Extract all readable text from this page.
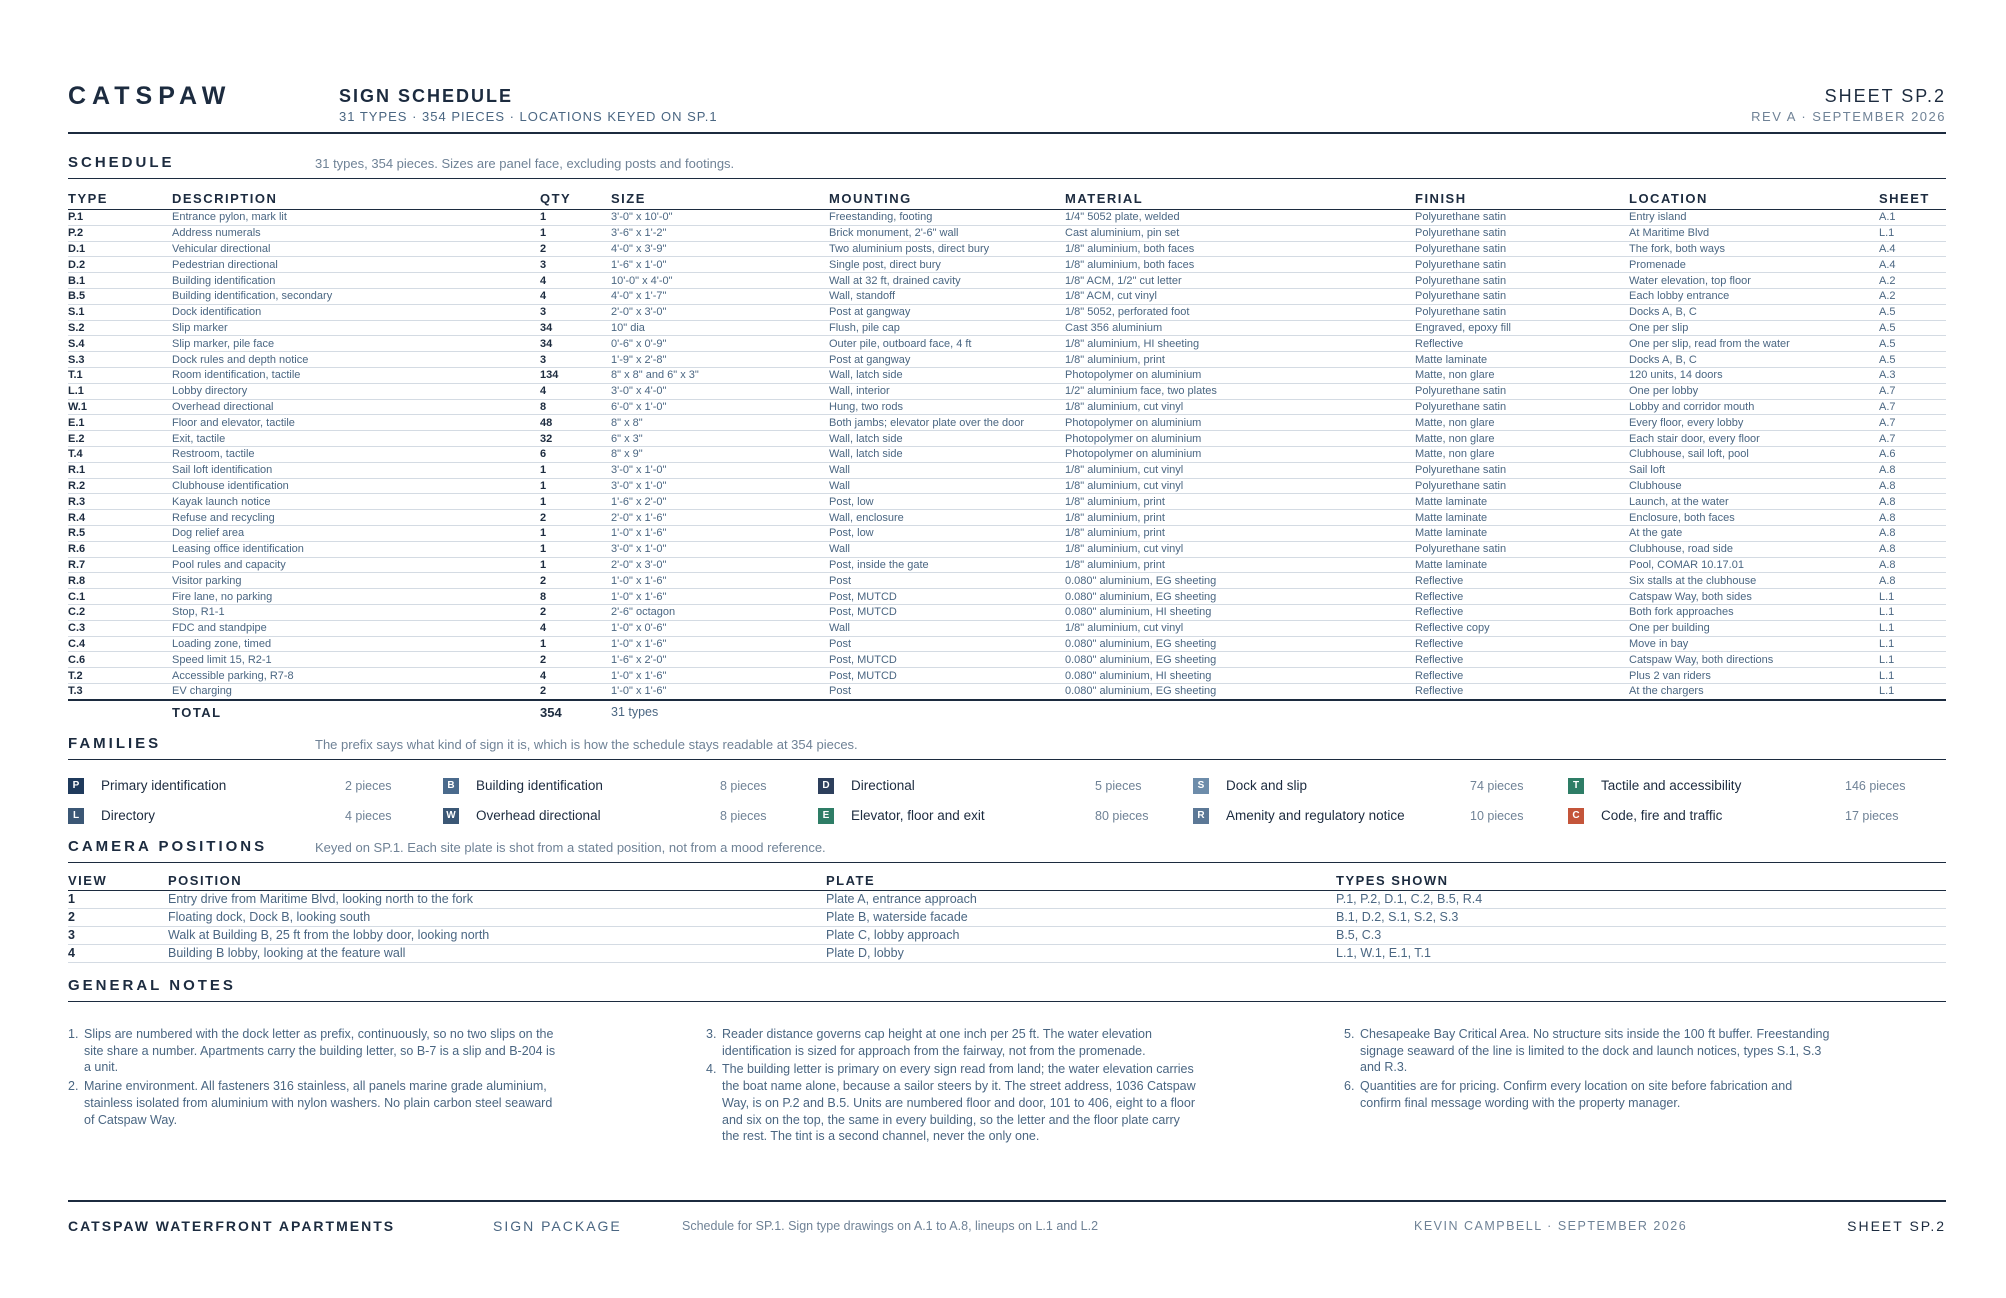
CATSPAW	SIGN SCHEDULE
31 TYPES · 354 PIECES · LOCATIONS KEYED ON SP.1
SHEET SP.2
REV A · SEPTEMBER 2026
SCHEDULE	31 types, 354 pieces. Sizes are panel face, excluding posts and footings.
TYPE	DESCRIPTION	QTY	SIZE	MOUNTING	MATERIAL	FINISH	LOCATION	SHEET

P.1	Entrance pylon, mark lit	1	3'-0" x 10'-0"	Freestanding, footing	1/4" 5052 plate, welded	Polyurethane satin	Entry island	A.1

P.2	Address numerals	1	3'-6" x 1'-2"	Brick monument, 2'-6" wall	Cast aluminium, pin set	Polyurethane satin	At Maritime Blvd	L.1

D.1	Vehicular directional	2	4'-0" x 3'-9"	Two aluminium posts, direct bury	1/8" aluminium, both faces	Polyurethane satin	The fork, both ways	A.4

D.2	Pedestrian directional	3	1'-6" x 1'-0"	Single post, direct bury	1/8" aluminium, both faces	Polyurethane satin	Promenade	A.4

B.1	Building identification	4	10'-0" x 4'-0"	Wall at 32 ft, drained cavity	1/8" ACM, 1/2" cut letter	Polyurethane satin	Water elevation, top floor	A.2

B.5	Building identification, secondary	4	4'-0" x 1'-7"	Wall, standoff	1/8" ACM, cut vinyl	Polyurethane satin	Each lobby entrance	A.2

S.1	Dock identification	3	2'-0" x 3'-0"	Post at gangway	1/8" 5052, perforated foot	Polyurethane satin	Docks A, B, C	A.5

S.2	Slip marker	34	10" dia	Flush, pile cap	Cast 356 aluminium	Engraved, epoxy fill	One per slip	A.5

S.4	Slip marker, pile face	34	0'-6" x 0'-9"	Outer pile, outboard face, 4 ft	1/8" aluminium, HI sheeting	Reflective	One per slip, read from the water	A.5

S.3	Dock rules and depth notice	3	1'-9" x 2'-8"	Post at gangway	1/8" aluminium, print	Matte laminate	Docks A, B, C	A.5

T.1	Room identification, tactile	134	8" x 8" and 6" x 3"	Wall, latch side	Photopolymer on aluminium	Matte, non glare	120 units, 14 doors	A.3

L.1	Lobby directory	4	3'-0" x 4'-0"	Wall, interior	1/2" aluminium face, two plates	Polyurethane satin	One per lobby	A.7

W.1	Overhead directional	8	6'-0" x 1'-0"	Hung, two rods	1/8" aluminium, cut vinyl	Polyurethane satin	Lobby and corridor mouth	A.7

E.1	Floor and elevator, tactile	48	8" x 8"	Both jambs; elevator plate over the door	Photopolymer on aluminium	Matte, non glare	Every floor, every lobby	A.7

E.2	Exit, tactile	32	6" x 3"	Wall, latch side	Photopolymer on aluminium	Matte, non glare	Each stair door, every floor	A.7

T.4	Restroom, tactile	6	8" x 9"	Wall, latch side	Photopolymer on aluminium	Matte, non glare	Clubhouse, sail loft, pool	A.6

R.1	Sail loft identification	1	3'-0" x 1'-0"	Wall	1/8" aluminium, cut vinyl	Polyurethane satin	Sail loft	A.8

R.2	Clubhouse identification	1	3'-0" x 1'-0"	Wall	1/8" aluminium, cut vinyl	Polyurethane satin	Clubhouse	A.8

R.3	Kayak launch notice	1	1'-6" x 2'-0"	Post, low	1/8" aluminium, print	Matte laminate	Launch, at the water	A.8

R.4	Refuse and recycling	2	2'-0" x 1'-6"	Wall, enclosure	1/8" aluminium, print	Matte laminate	Enclosure, both faces	A.8

R.5	Dog relief area	1	1'-0" x 1'-6"	Post, low	1/8" aluminium, print	Matte laminate	At the gate	A.8

R.6	Leasing office identification	1	3'-0" x 1'-0"	Wall	1/8" aluminium, cut vinyl	Polyurethane satin	Clubhouse, road side	A.8

R.7	Pool rules and capacity	1	2'-0" x 3'-0"	Post, inside the gate	1/8" aluminium, print	Matte laminate	Pool, COMAR 10.17.01	A.8

R.8	Visitor parking	2	1'-0" x 1'-6"	Post	0.080" aluminium, EG sheeting	Reflective	Six stalls at the clubhouse	A.8

C.1	Fire lane, no parking	8	1'-0" x 1'-6"	Post, MUTCD	0.080" aluminium, EG sheeting	Reflective	Catspaw Way, both sides	L.1

C.2	Stop, R1-1	2	2'-6" octagon	Post, MUTCD	0.080" aluminium, HI sheeting	Reflective	Both fork approaches	L.1

C.3	FDC and standpipe	4	1'-0" x 0'-6"	Wall	1/8" aluminium, cut vinyl	Reflective copy	One per building	L.1

C.4	Loading zone, timed	1	1'-0" x 1'-6"	Post	0.080" aluminium, EG sheeting	Reflective	Move in bay	L.1

C.6	Speed limit 15, R2-1	2	1'-6" x 2'-0"	Post, MUTCD	0.080" aluminium, EG sheeting	Reflective	Catspaw Way, both directions	L.1

T.2	Accessible parking, R7-8	4	1'-0" x 1'-6"	Post, MUTCD	0.080" aluminium, HI sheeting	Reflective	Plus 2 van riders	L.1

T.3	EV charging	2	1'-0" x 1'-6"	Post	0.080" aluminium, EG sheeting	Reflective	At the chargers	L.1
TOTAL	354	31 types
FAMILIES	The prefix says what kind of sign it is, which is how the schedule stays readable at 354 pieces.
P	Primary identification	2 pieces	B	Building identification	8 pieces	D	Directional	5 pieces	S	Dock and slip	74 pieces	T	Tactile and accessibility	146 pieces
L	Directory	4 pieces	W Overhead directional	8 pieces	E	Elevator, floor and exit	80 pieces	R	Amenity and regulatory notice	10 pieces	C	Code, fire and traffic	17 pieces
CAMERA POSITIONS	Keyed on SP.1. Each site plate is shot from a stated position, not from a mood reference.
VIEW	POSITION	PLATE	TYPES SHOWN
1	Entry drive from Maritime Blvd, looking north to the fork	Plate A, entrance approach	P.1, P.2, D.1, C.2, B.5, R.4
2	Floating dock, Dock B, looking south	Plate B, waterside facade	B.1, D.2, S.1, S.2, S.3
3	Walk at Building B, 25 ft from the lobby door, looking north	Plate C, lobby approach	B.5, C.3
4	Building B lobby, looking at the feature wall	Plate D, lobby	L.1, W.1, E.1, T.1
GENERAL NOTES
1. Slips are numbered with the dock letter as prefix, continuously, so no two slips on the site share a number. Apartments carry the building letter, so B-7 is a slip and B-204 is a unit.
2. Marine environment. All fasteners 316 stainless, all panels marine grade aluminium, stainless isolated from aluminium with nylon washers. No plain carbon steel seaward of Catspaw Way.
3. Reader distance governs cap height at one inch per 25 ft. The water elevation identification is sized for approach from the fairway, not from the promenade.
4. The building letter is primary on every sign read from land; the water elevation carries the boat name alone, because a sailor steers by it. The street address, 1036 Catspaw Way, is on P.2 and B.5. Units are numbered floor and door, 101 to 406, eight to a floor and six on the top, the same in every building, so the letter and the floor plate carry the rest. The tint is a second channel, never the only one.
5. Chesapeake Bay Critical Area. No structure sits inside the 100 ft buffer. Freestanding signage seaward of the line is limited to the dock and launch notices, types S.1, S.3 and R.3.
6. Quantities are for pricing. Confirm every location on site before fabrication and confirm final message wording with the property manager.
CATSPAW WATERFRONT APARTMENTS	SIGN PACKAGE	Schedule for SP.1. Sign type drawings on A.1 to A.8, lineups on L.1 and L.2	KEVIN CAMPBELL · SEPTEMBER 2026	SHEET SP.2
